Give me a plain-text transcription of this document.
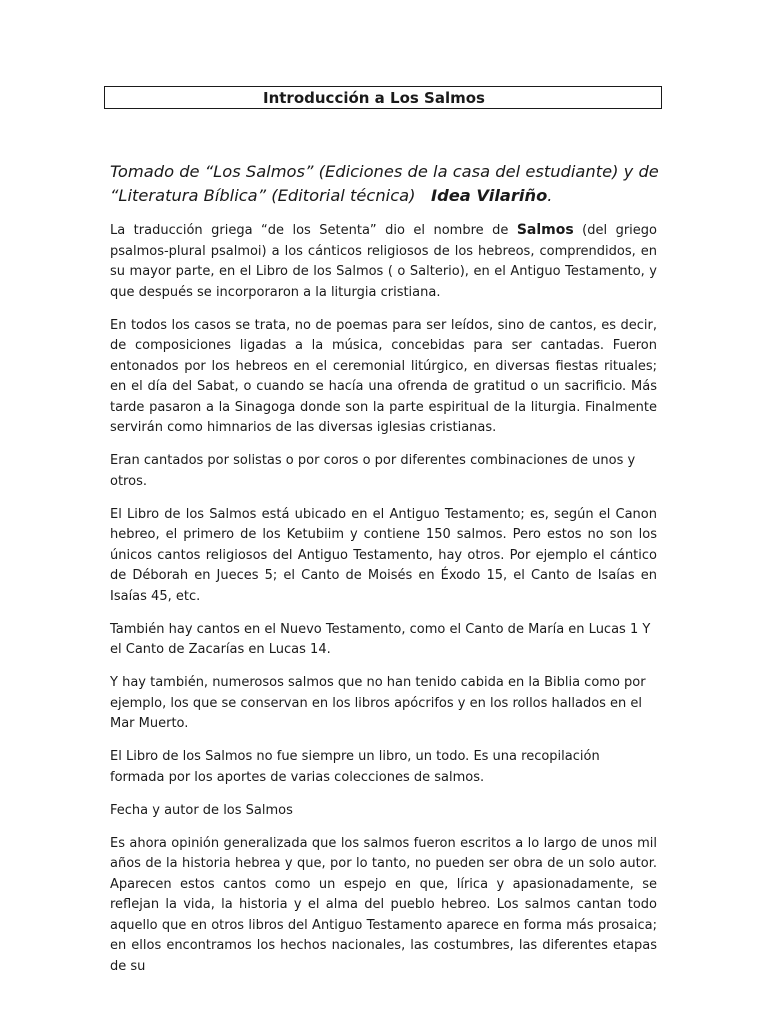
Introducción a Los Salmos
Tomado de “Los Salmos” (Ediciones de la casa del estudiante) y de
“Literatura Bíblica” (Editorial técnica) Idea Vilariño.

La traducción griega “de los Setenta” dio el nombre de Salmos (del griego psalmos-plural psalmoi) a los cánticos religiosos de los hebreos, comprendidos, en su mayor parte, en el Libro de los Salmos ( o Salterio), en el Antiguo Testamento, y que después se incorporaron a la liturgia cristiana.

En todos los casos se trata, no de poemas para ser leídos, sino de cantos, es decir, de composiciones ligadas a la música, concebidas para ser cantadas. Fueron entonados por los hebreos en el ceremonial litúrgico, en diversas fiestas rituales; en el día del Sabat, o cuando se hacía una ofrenda de gratitud o un sacrificio. Más tarde pasaron a la Sinagoga donde son la parte espiritual de la liturgia. Finalmente servirán como himnarios de las diversas iglesias cristianas.

Eran cantados por solistas o por coros o por diferentes combinaciones de unos y otros.

El Libro de los Salmos está ubicado en el Antiguo Testamento; es, según el Canon hebreo, el primero de los Ketubiim y contiene 150 salmos. Pero estos no son los únicos cantos religiosos del Antiguo Testamento, hay otros. Por ejemplo el cántico de Déborah en Jueces 5; el Canto de Moisés en Éxodo 15, el Canto de Isaías en Isaías 45, etc.

También hay cantos en el Nuevo Testamento, como el Canto de María en Lucas 1 Y el Canto de Zacarías en Lucas 14.

Y hay también, numerosos salmos que no han tenido cabida en la Biblia como por ejemplo, los que se conservan en los libros apócrifos y en los rollos hallados en el Mar Muerto.

El Libro de los Salmos no fue siempre un libro, un todo. Es una recopilación formada por los aportes de varias colecciones de salmos.

Fecha y autor de los Salmos

Es ahora opinión generalizada que los salmos fueron escritos a lo largo de unos mil años de la historia hebrea y que, por lo tanto, no pueden ser obra de un solo autor. Aparecen estos cantos como un espejo en que, lírica y apasionadamente, se reflejan la vida, la historia y el alma del pueblo hebreo. Los salmos cantan todo aquello que en otros libros del Antiguo Testamento aparece en forma más prosaica; en ellos encontramos los hechos nacionales, las costumbres, las diferentes etapas de su
